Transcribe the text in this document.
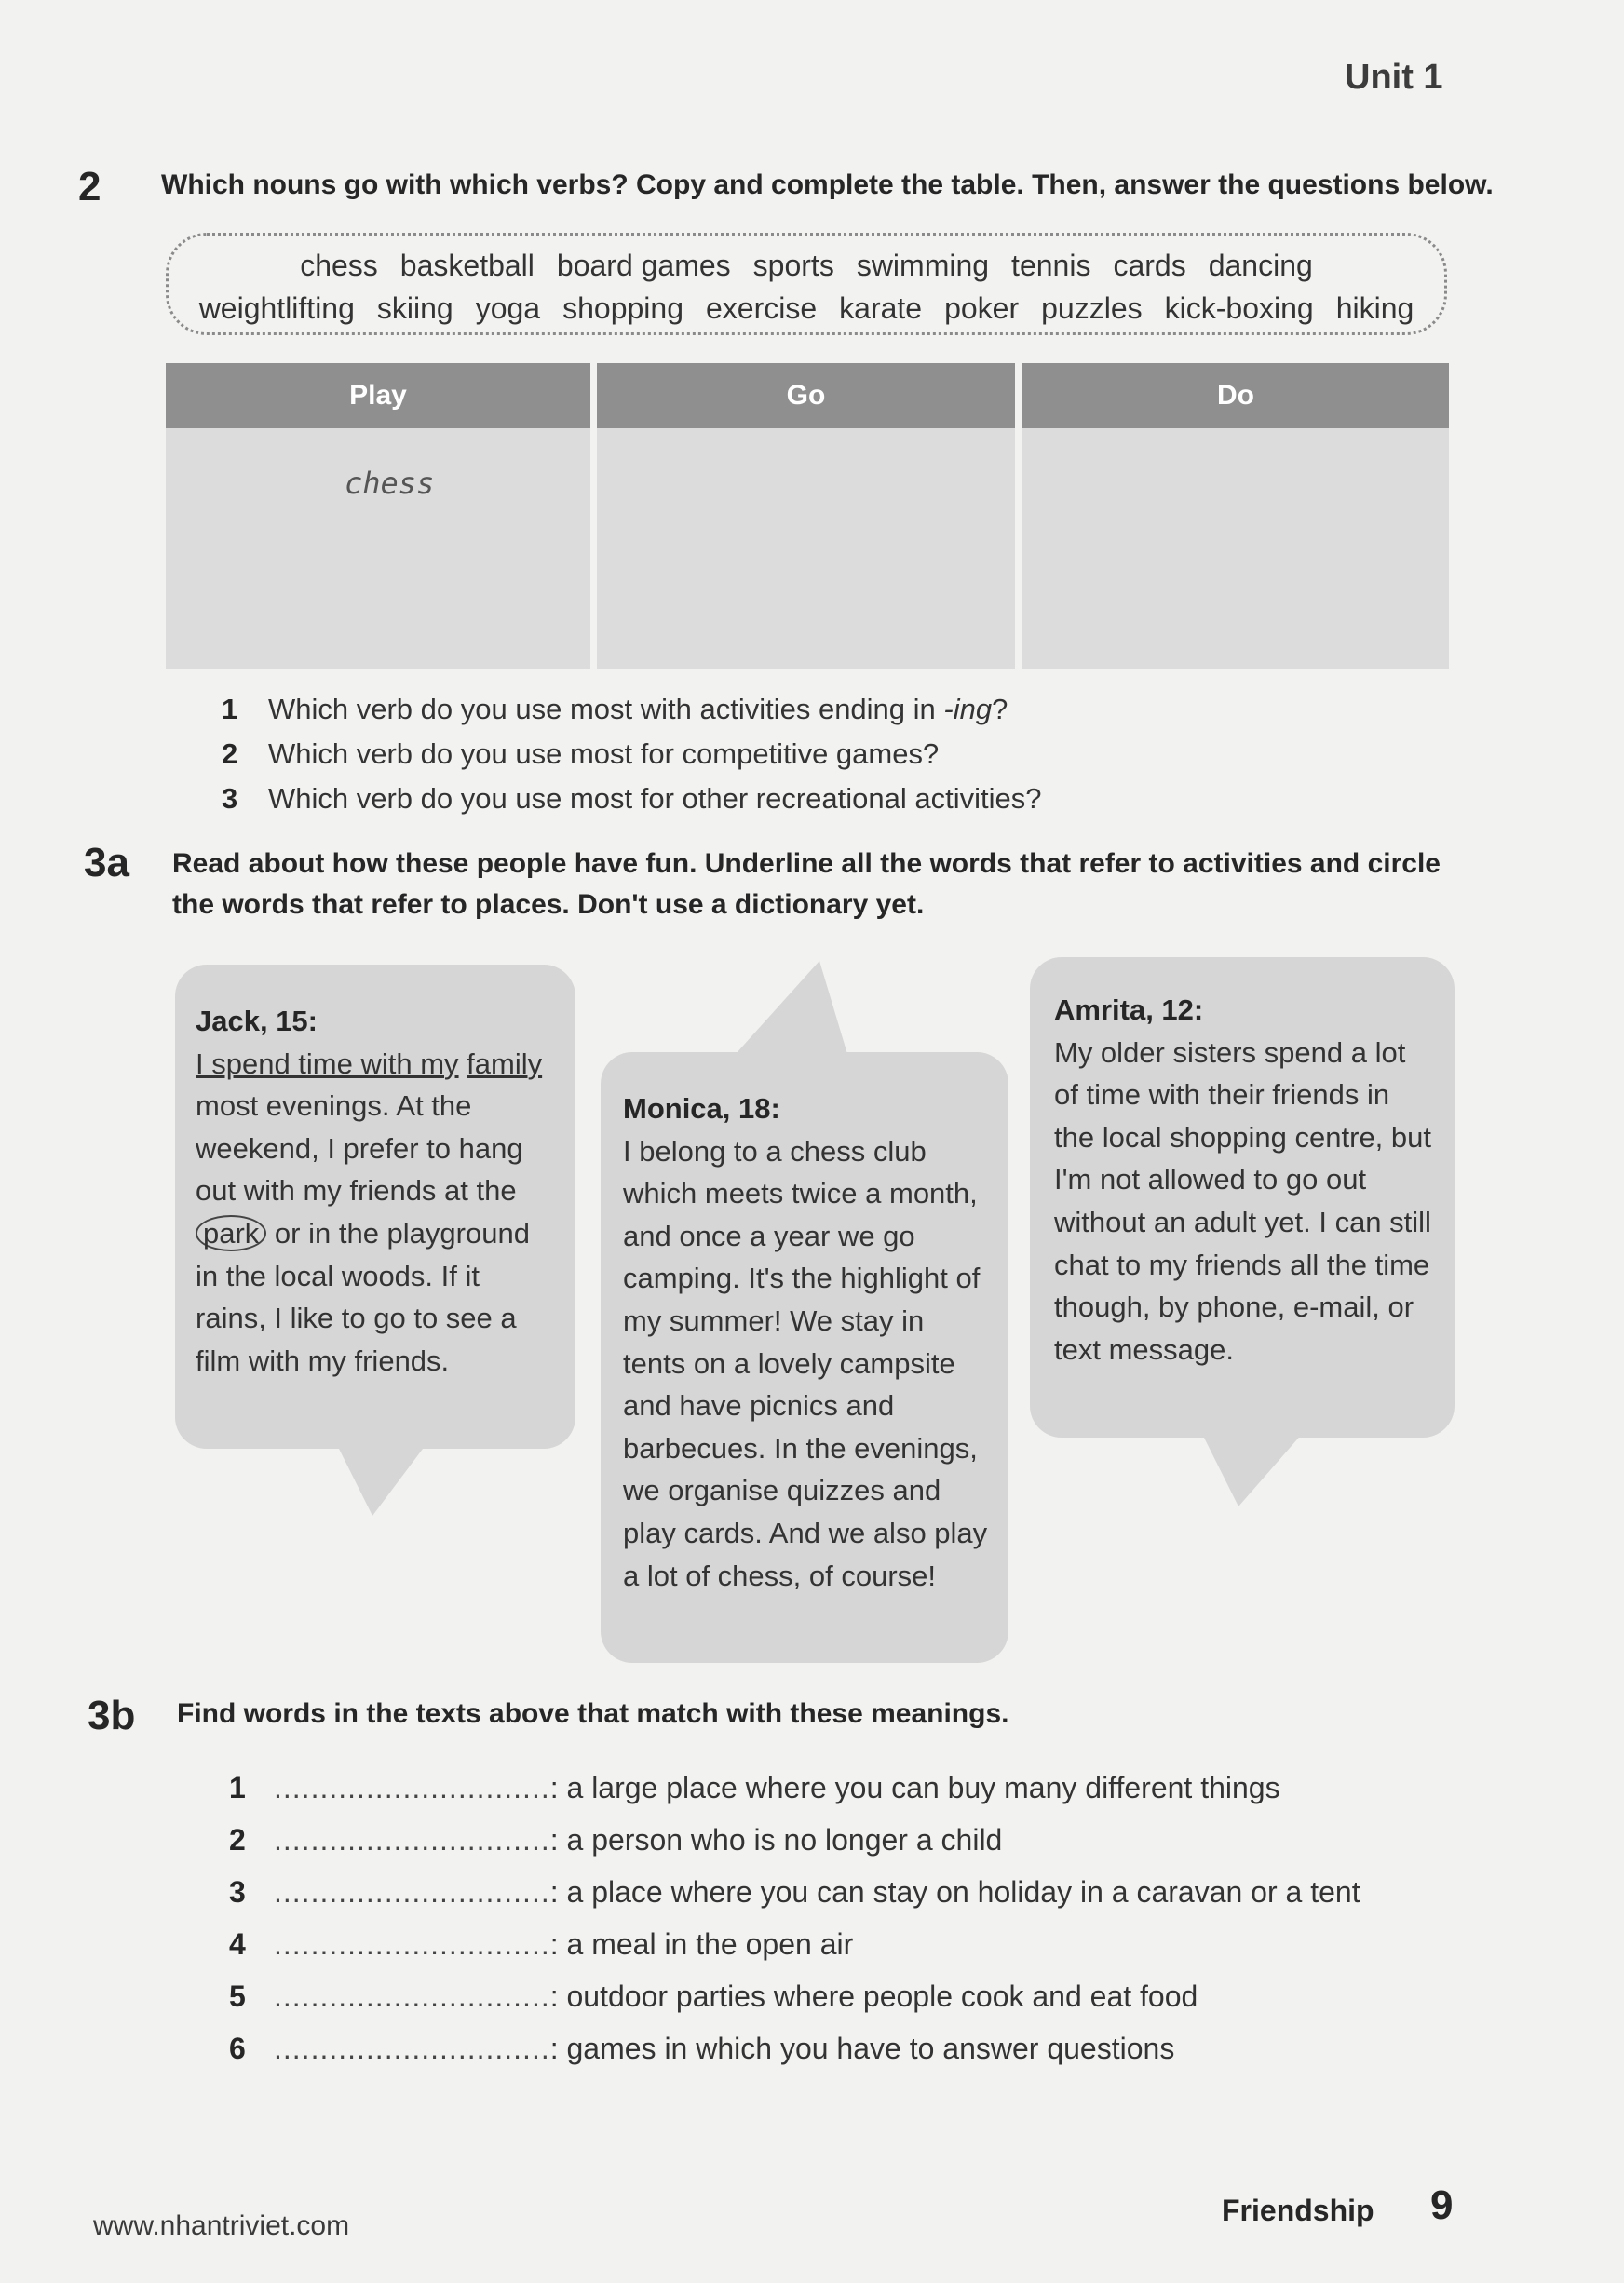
Unit 1
2 Which nouns go with which verbs? Copy and complete the table. Then, answer the questions below.
chess basketball board games sports swimming tennis cards dancing
weightlifting skiing yoga shopping exercise karate poker puzzles kick-boxing hiking
Play
chess
Go	Do
1 Which verb do you use most with activities ending in -ing?
2 Which verb do you use most for competitive games?
3 Which verb do you use most for other recreational activities?
3a Read about how these people have fun. Underline all the words that refer to activities and circle the words that refer to places. Don't use a dictionary yet.
Jack, 15:
I spend time with my family most evenings. At the weekend, I prefer to hang out with my friends at the park or in the playground in the local woods. If it rains, I like to go to see a film with my friends.
Monica, 18:
I belong to a chess club which meets twice a month, and once a year we go camping. It's the highlight of my summer! We stay in tents on a lovely campsite and have picnics and barbecues. In the evenings, we organise quizzes and play cards. And we also play a lot of chess, of course!
Amrita, 12:
My older sisters spend a lot of time with their friends in the local shopping centre, but I'm not allowed to go out without an adult yet. I can still chat to my friends all the time though, by phone, e-mail, or text message.
3b Find words in the texts above that match with these meanings.
1 ..............................: a large place where you can buy many different things
2 ..............................: a person who is no longer a child
3 ..............................: a place where you can stay on holiday in a caravan or a tent
4 ..............................: a meal in the open air
5 ..............................: outdoor parties where people cook and eat food
6 ..............................: games in which you have to answer questions
www.nhantriviet.com	Friendship 9
